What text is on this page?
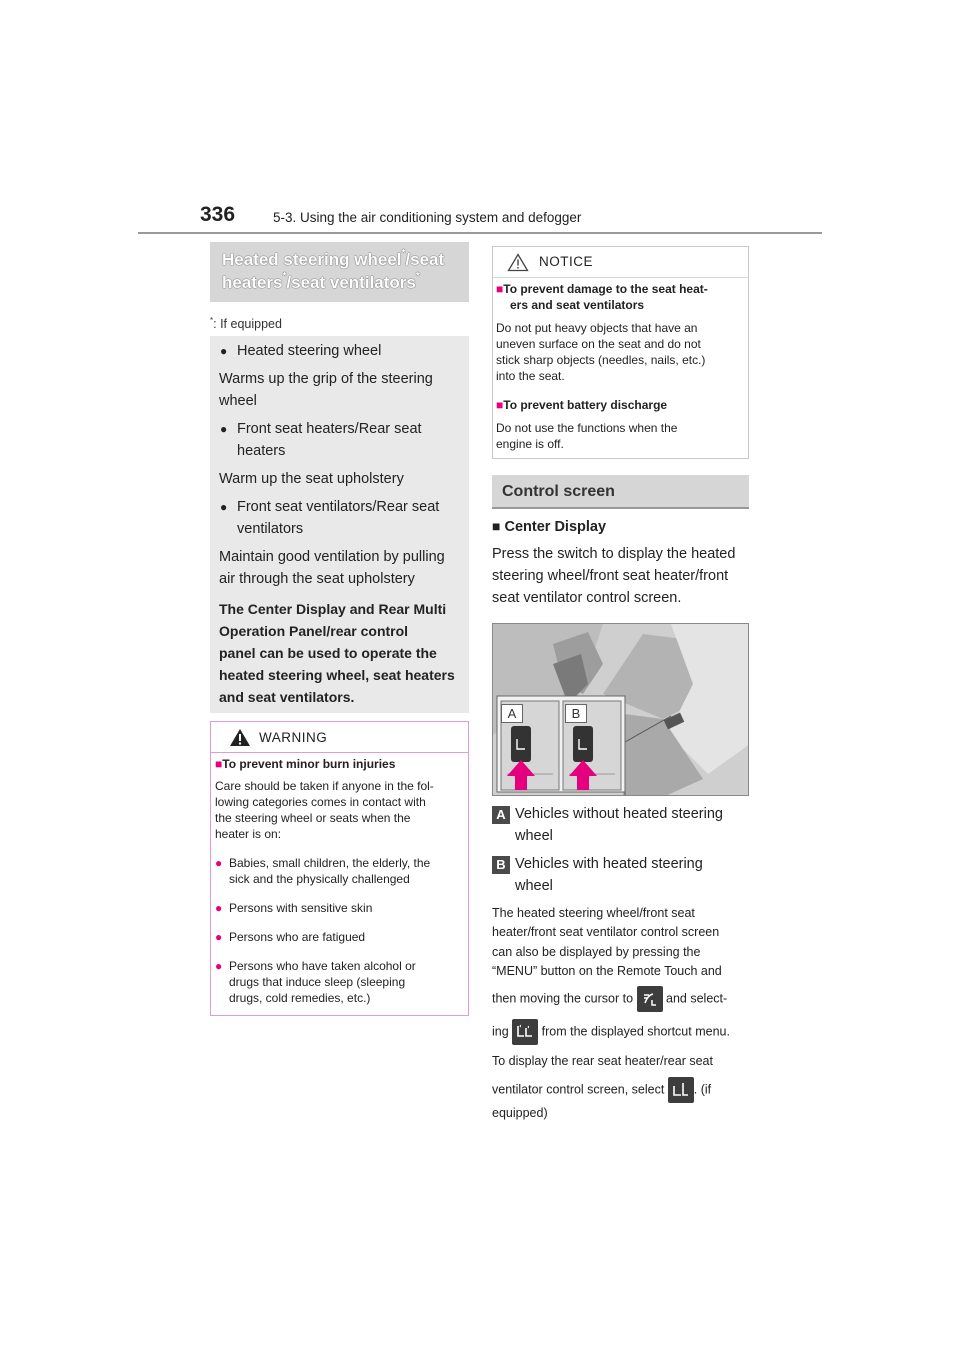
336	5-3. Using the air conditioning system and defogger
Heated steering wheel*/seat
heaters*/seat ventilators*
*: If equipped
● Heated steering wheel
Warms up the grip of the steering
wheel
● Front seat heaters/Rear seat
heaters
Warm up the seat upholstery
● Front seat ventilators/Rear seat
ventilators
Maintain good ventilation by pulling
air through the seat upholstery
The Center Display and Rear Multi
Operation Panel/rear control
panel can be used to operate the
heated steering wheel, seat heaters
and seat ventilators.
WARNING
■To prevent minor burn injuries
Care should be taken if anyone in the fol-
lowing categories comes in contact with
the steering wheel or seats when the
heater is on:
● Babies, small children, the elderly, the
sick and the physically challenged
● Persons with sensitive skin
● Persons who are fatigued
● Persons who have taken alcohol or
drugs that induce sleep (sleeping
drugs, cold remedies, etc.)
NOTICE
■To prevent damage to the seat heat-
ers and seat ventilators
Do not put heavy objects that have an
uneven surface on the seat and do not
stick sharp objects (needles, nails, etc.)
into the seat.
■To prevent battery discharge
Do not use the functions when the
engine is off.
Control screen
■ Center Display
Press the switch to display the heated
steering wheel/front seat heater/front
seat ventilator control screen.
A	B
A Vehicles without heated steering
wheel
B Vehicles with heated steering
wheel
The heated steering wheel/front seat
heater/front seat ventilator control screen
can also be displayed by pressing the
“MENU” button on the Remote Touch and
then moving the cursor to	and select-
ing	from the displayed shortcut menu.
To display the rear seat heater/rear seat
ventilator control screen, select . (if
equipped)
